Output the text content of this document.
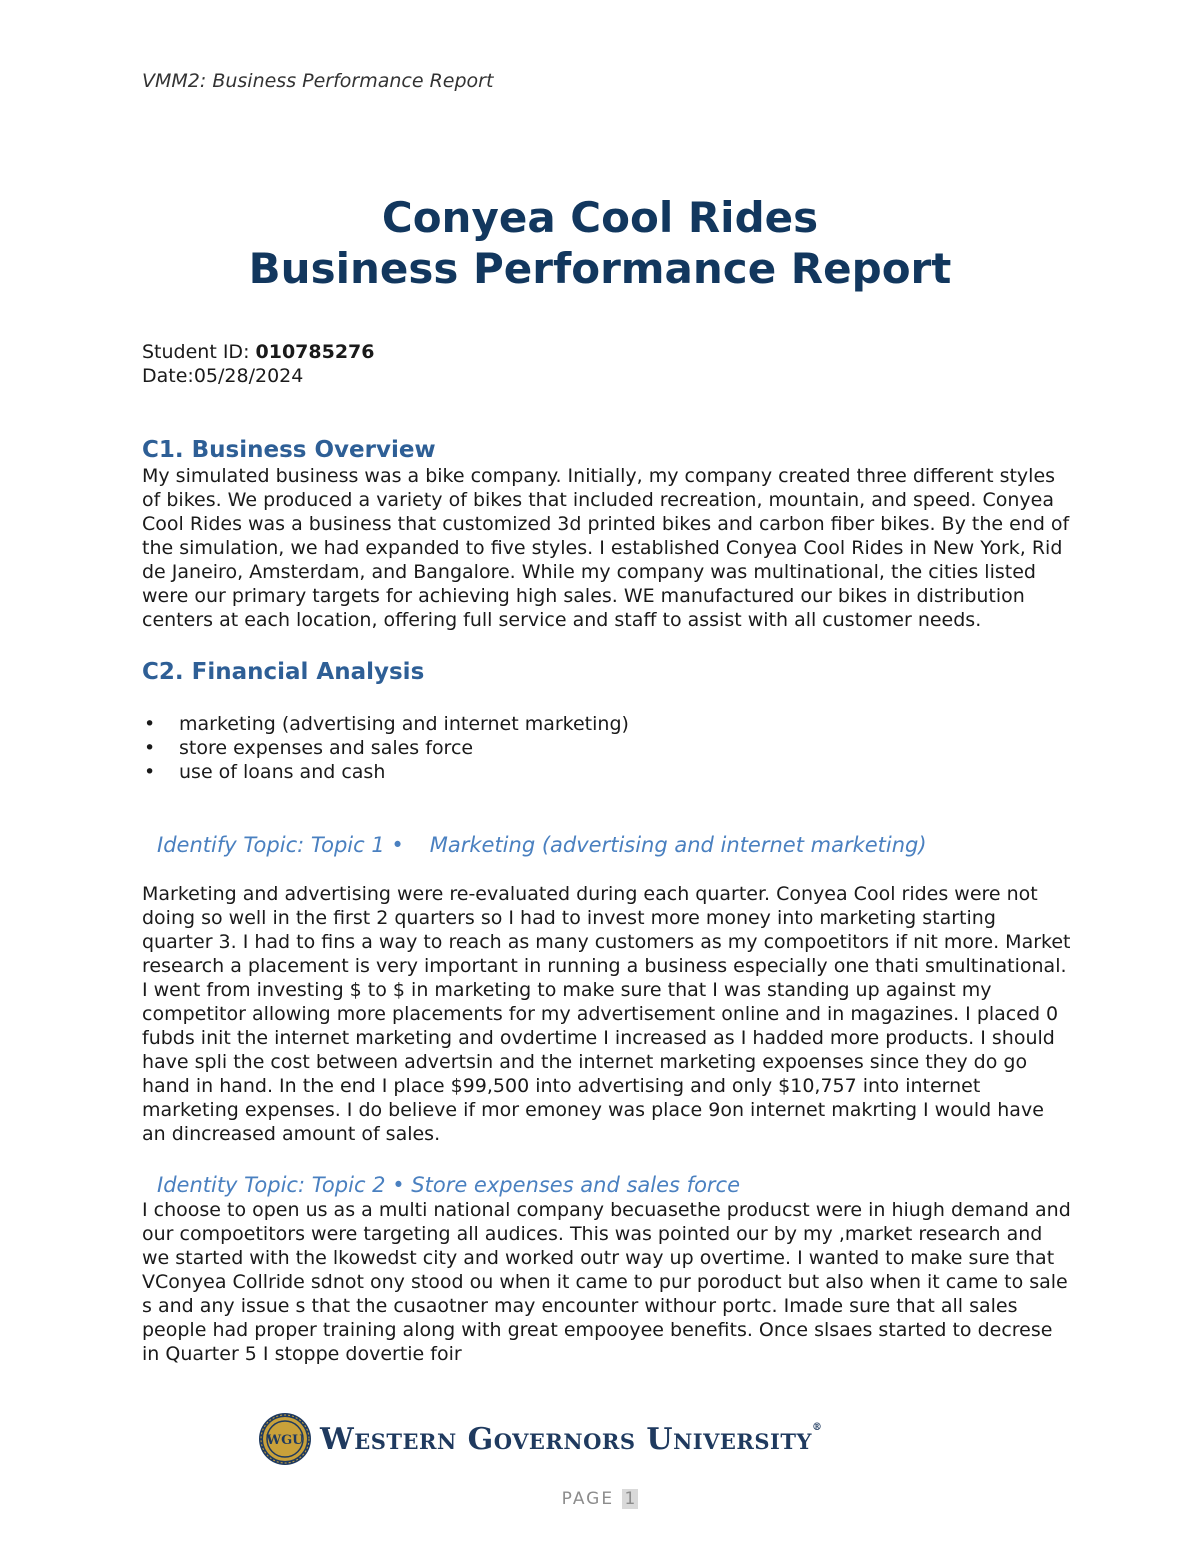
VMM2: Business Performance Report
Conyea Cool Rides
Business Performance Report
Student ID: 010785276
Date:05/28/2024
C1. Business Overview

My simulated business was a bike company. Initially, my company created three different styles of bikes. We produced a variety of bikes that included recreation, mountain, and speed. Conyea Cool Rides was a business that customized 3d printed bikes and carbon fiber bikes. By the end of the simulation, we had expanded to five styles. I established Conyea Cool Rides in New York, Rid de Janeiro, Amsterdam, and Bangalore. While my company was multinational, the cities listed were our primary targets for achieving high sales. WE manufactured our bikes in distribution centers at each location, offering full service and staff to assist with all customer needs.

C2. Financial Analysis
• marketing (advertising and internet marketing)
• store expenses and sales force
• use of loans and cash
Identify Topic: Topic 1 • Marketing (advertising and internet marketing)

Marketing and advertising were re-evaluated during each quarter. Conyea Cool rides were not doing so well in the first 2 quarters so I had to invest more money into marketing starting quarter 3. I had to fins a way to reach as many customers as my compoetitors if nit more. Market research a placement is very important in running a business especially one thati smultinational. I went from investing $ to $ in marketing to make sure that I was standing up against my competitor allowing more placements for my advertisement online and in magazines. I placed 0 fubds init the internet marketing and ovdertime I increased as I hadded more products. I should have spli the cost between advertsin and the internet marketing expoenses since they do go hand in hand. In the end I place $99,500 into advertising and only $10,757 into internet marketing expenses. I do believe if mor emoney was place 9on internet makrting I would have an dincreased amount of sales.

Identity Topic: Topic 2 • Store expenses and sales force

I choose to open us as a multi national company becuasethe producst were in hiugh demand and our compoetitors were targeting all audices. This was pointed our by my ,market research and we started with the lkowedst city and worked outr way up overtime. I wanted to make sure that VConyea Collride sdnot ony stood ou when it came to pur poroduct but also when it came to sale s and any issue s that the cusaotner may encounter withour portc. Imade sure that all sales people had proper training along with great empooyee benefits. Once slsaes started to decrese in Quarter 5 I stoppe dovertie foir

WGU Western Governors University®
PAGE 1
